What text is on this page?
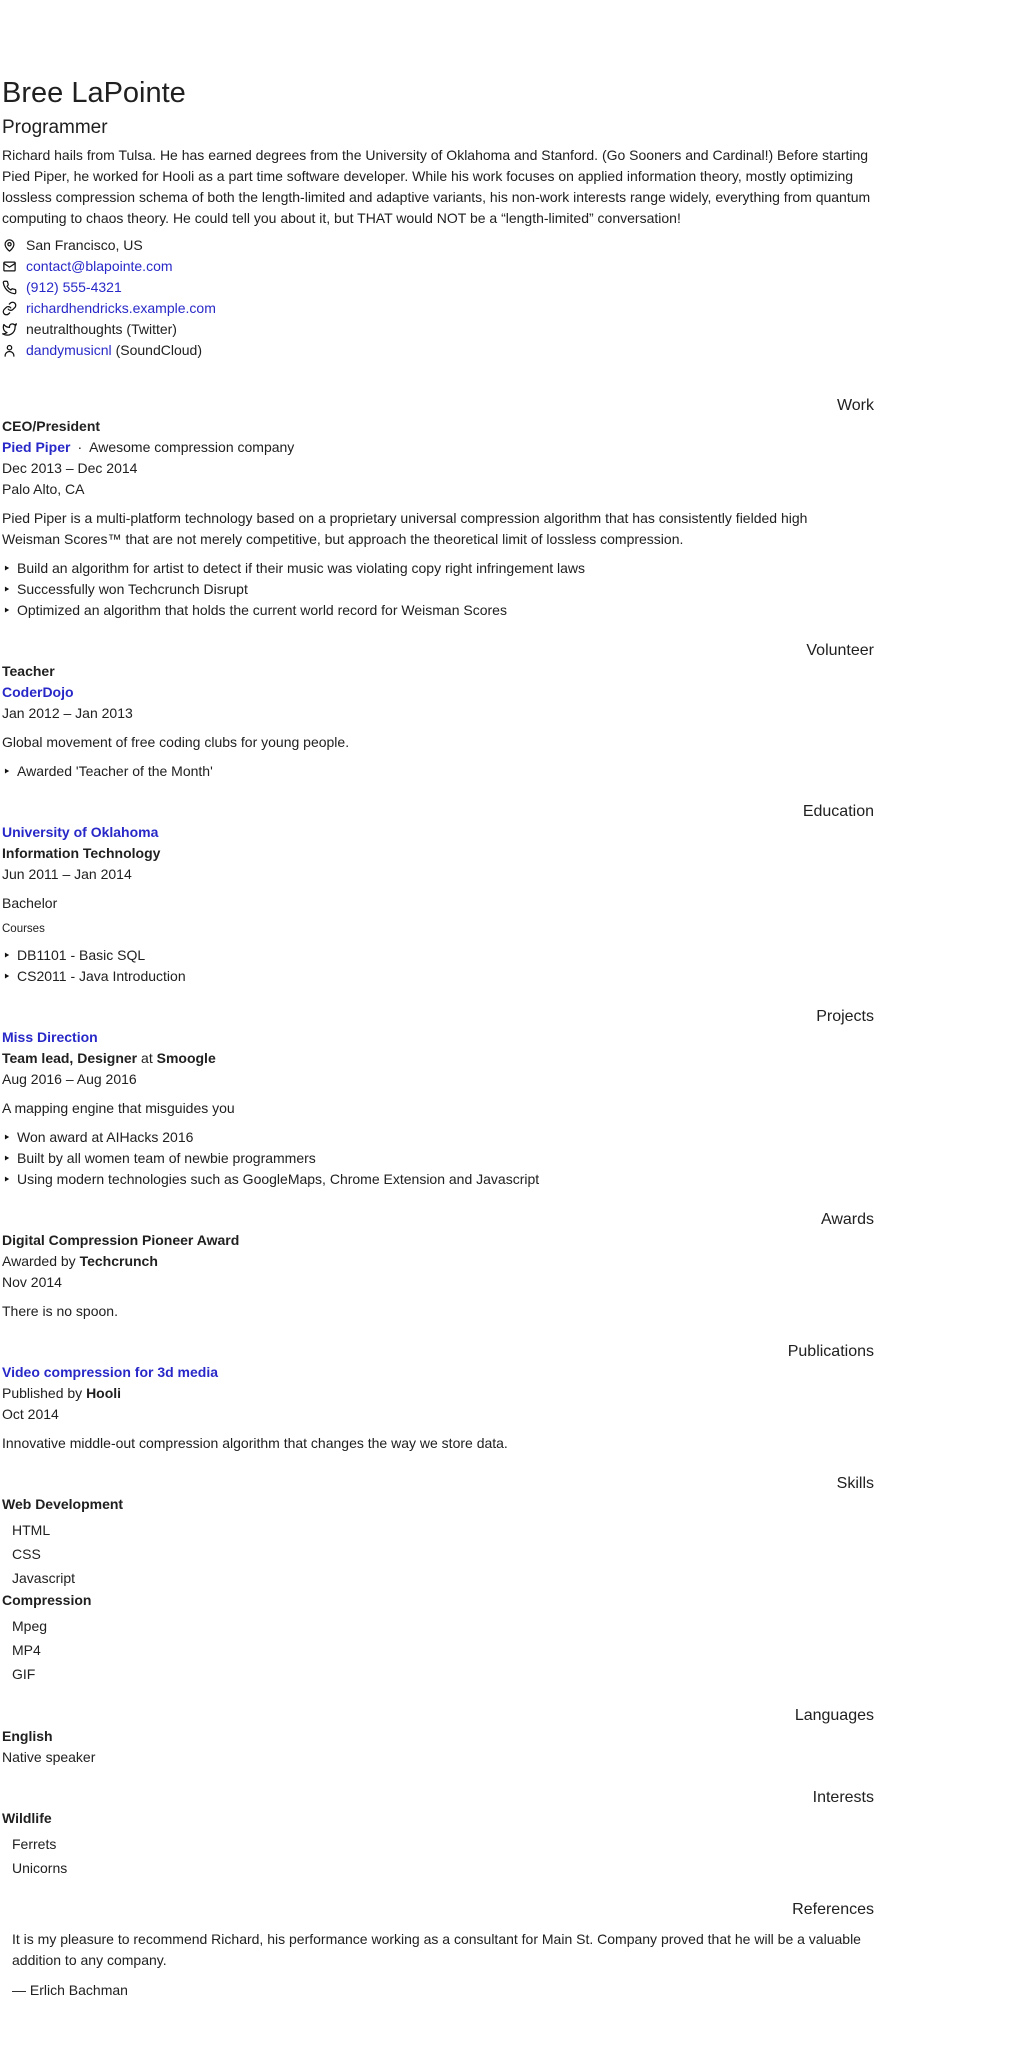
Bree LaPointe
Programmer

Richard hails from Tulsa. He has earned degrees from the University of Oklahoma and Stanford. (Go Sooners and Cardinal!) Before starting Pied Piper, he worked for Hooli as a part time software developer. While his work focuses on applied information theory, mostly optimizing lossless compression schema of both the length-limited and adaptive variants, his non-work interests range widely, everything from quantum computing to chaos theory. He could tell you about it, but THAT would NOT be a “length-limited” conversation!

San Francisco, US
contact@blapointe.com
(912) 555-4321
richardhendricks.example.com
neutralthoughts (Twitter)
dandymusicnl (SoundCloud)
Work
CEO/President
Pied Piper · Awesome compression company
Dec 2013 – Dec 2014
Palo Alto, CA

Pied Piper is a multi-platform technology based on a proprietary universal compression algorithm that has consistently fielded high Weisman Scores™ that are not merely competitive, but approach the theoretical limit of lossless compression.

‣ Build an algorithm for artist to detect if their music was violating copy right infringement laws
‣ Successfully won Techcrunch Disrupt
‣ Optimized an algorithm that holds the current world record for Weisman Scores
Volunteer
Teacher
CoderDojo
Jan 2012 – Jan 2013

Global movement of free coding clubs for young people.

‣ Awarded 'Teacher of the Month'
Education
University of Oklahoma
Information Technology
Jun 2011 – Jan 2014

Bachelor

Courses
‣ DB1101 - Basic SQL
‣ CS2011 - Java Introduction
Projects
Miss Direction
Team lead, Designer at Smoogle
Aug 2016 – Aug 2016

A mapping engine that misguides you

‣ Won award at AIHacks 2016
‣ Built by all women team of newbie programmers
‣ Using modern technologies such as GoogleMaps, Chrome Extension and Javascript
Awards
Digital Compression Pioneer Award
Awarded by Techcrunch
Nov 2014

There is no spoon.

Publications
Video compression for 3d media
Published by Hooli
Oct 2014

Innovative middle-out compression algorithm that changes the way we store data.

Skills
Web Development
HTML
CSS
Javascript
Compression
Mpeg
MP4
GIF
Languages
English
Native speaker
Interests
Wildlife
Ferrets
Unicorns
References
It is my pleasure to recommend Richard, his performance working as a consultant for Main St. Company proved that he will be a valuable addition to any company.
— Erlich Bachman
